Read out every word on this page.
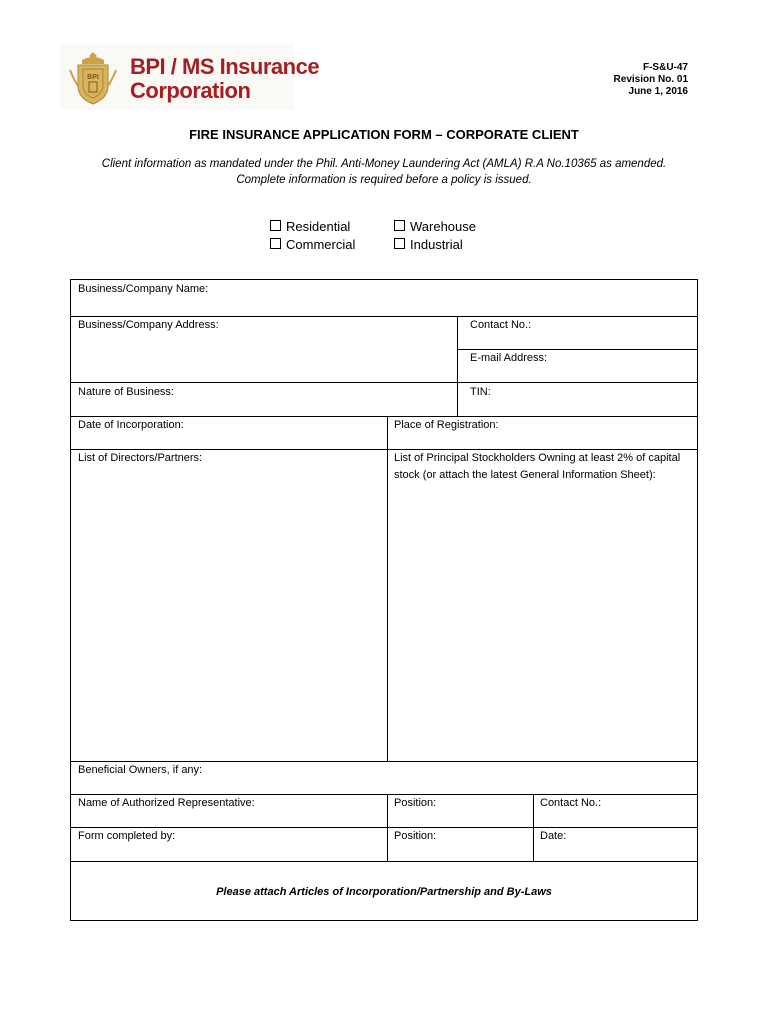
BPI BPI / MS Insurance
Corporation
F-S&U-47
Revision No. 01
June 1, 2016
FIRE INSURANCE APPLICATION FORM – CORPORATE CLIENT
Client information as mandated under the Phil. Anti-Money Laundering Act (AMLA) R.A No.10365 as amended.
Complete information is required before a policy is issued.
Residential
Commercial
Warehouse
Industrial
Business/Company Name:
Business/Company Address:	Contact No.:
E-mail Address:
Nature of Business:	TIN:
Date of Incorporation:	Place of Registration:
List of Directors/Partners:	List of Principal Stockholders Owning at least 2% of capital stock (or attach the latest General Information Sheet):
Beneficial Owners, if any:
Name of Authorized Representative:	Position:	Contact No.:
Form completed by:	Position:	Date:
Please attach Articles of Incorporation/Partnership and By-Laws
